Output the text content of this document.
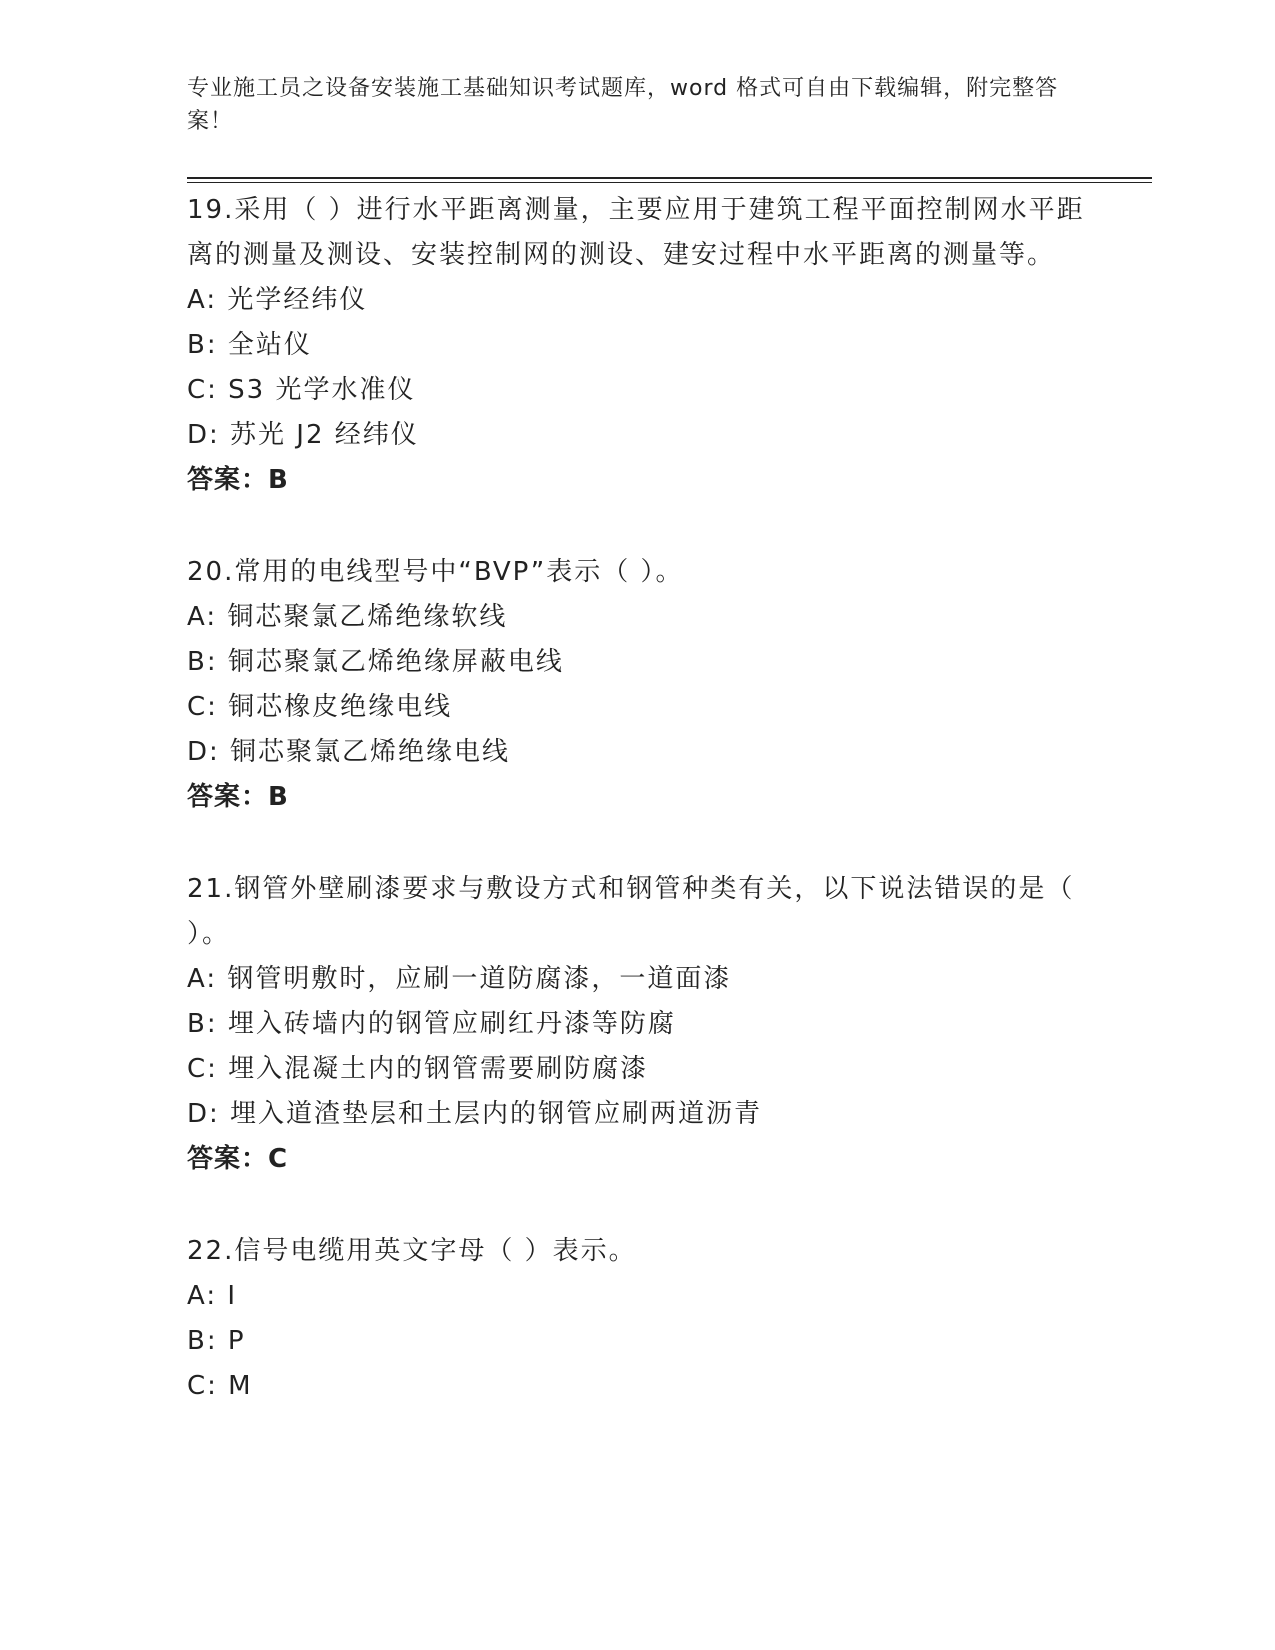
专业施工员之设备安装施工基础知识考试题库，word 格式可自由下载编辑，附完整答案！

19.采用（ ）进行水平距离测量，主要应用于建筑工程平面控制网水平距离的测量及测设、安装控制网的测设、建安过程中水平距离的测量等。

A: 光学经纬仪

B: 全站仪

C: S3 光学水准仪

D: 苏光 J2 经纬仪

答案：B

20.常用的电线型号中“BVP”表示（ ）。

A: 铜芯聚氯乙烯绝缘软线

B: 铜芯聚氯乙烯绝缘屏蔽电线

C: 铜芯橡皮绝缘电线

D: 铜芯聚氯乙烯绝缘电线

答案：B

21.钢管外壁刷漆要求与敷设方式和钢管种类有关，以下说法错误的是（ ）。

A: 钢管明敷时，应刷一道防腐漆，一道面漆

B: 埋入砖墙内的钢管应刷红丹漆等防腐

C: 埋入混凝土内的钢管需要刷防腐漆

D: 埋入道渣垫层和土层内的钢管应刷两道沥青

答案：C

22.信号电缆用英文字母（ ）表示。

A: I

B: P

C: M
